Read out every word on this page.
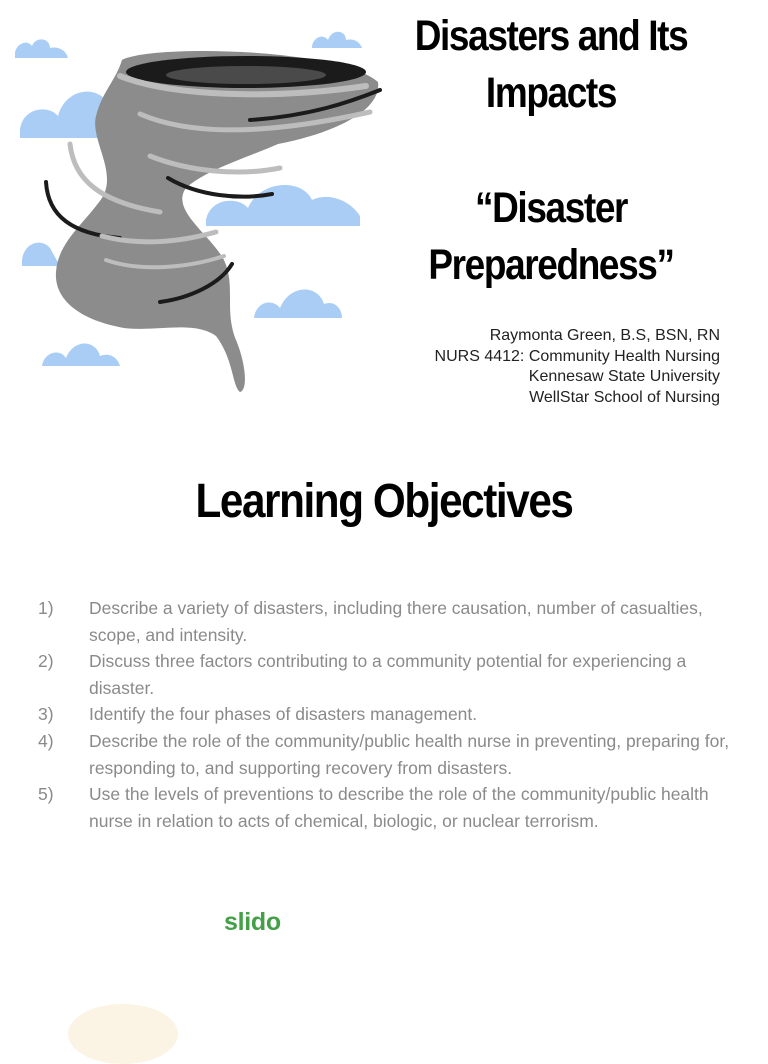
Disasters and Its
Impacts
“Disaster
Preparedness”
Raymonta Green, B.S, BSN, RN
NURS 4412: Community Health Nursing
Kennesaw State University
WellStar School of Nursing
Learning Objectives
1)	Describe a variety of disasters, including there causation, number of casualties, scope, and intensity.
2)	Discuss three factors contributing to a community potential for experiencing a disaster.
3)	Identify the four phases of disasters management.
4)	Describe the role of the community/public health nurse in preventing, preparing for, responding to, and supporting recovery from disasters.
5)	Use the levels of preventions to describe the role of the community/public health nurse in relation to acts of chemical, biologic, or nuclear terrorism.
slido
